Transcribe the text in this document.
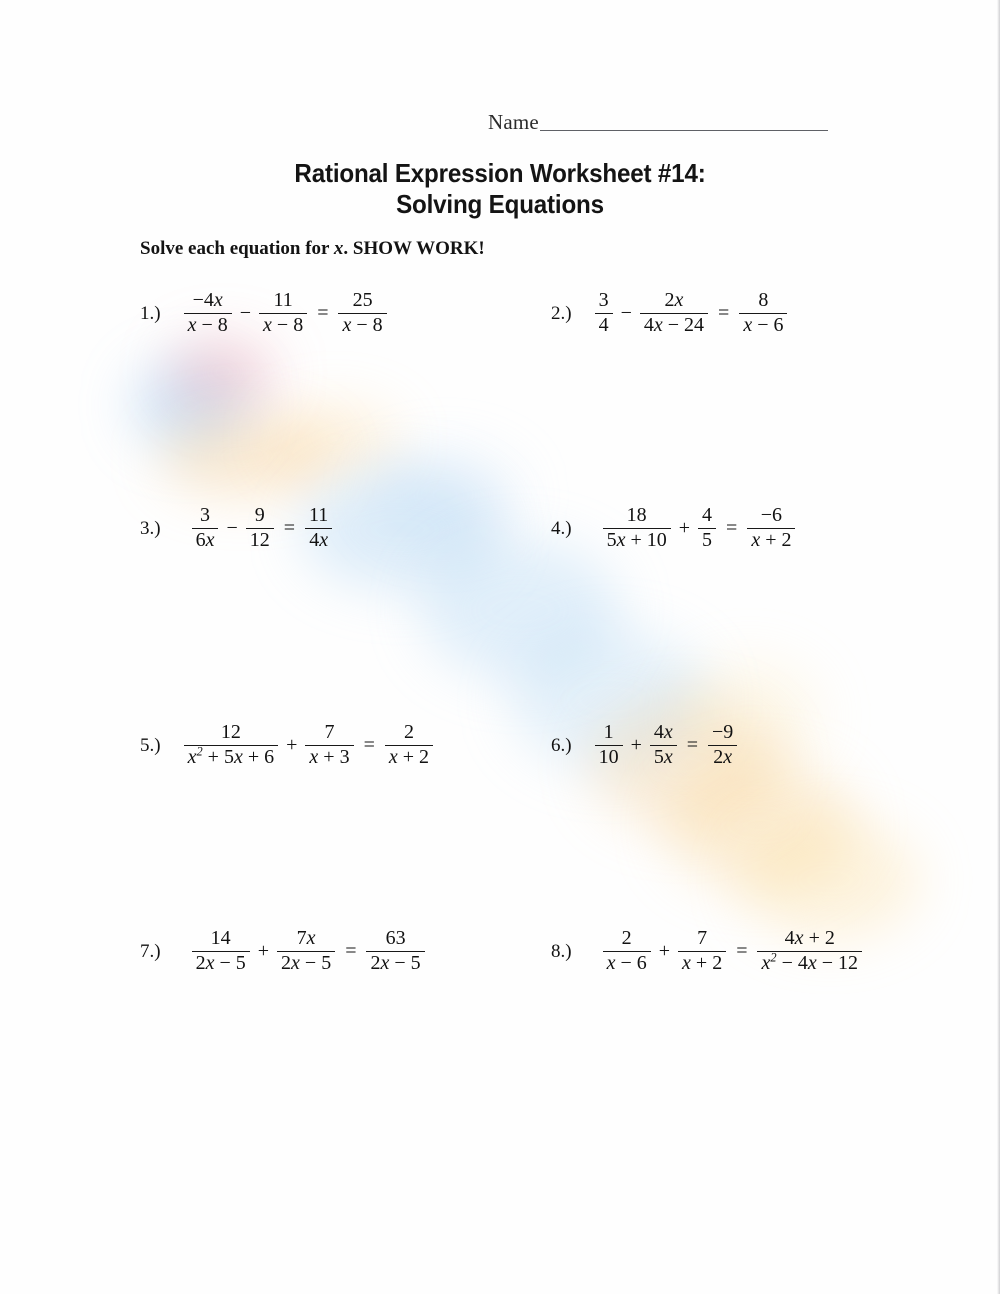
Name
Rational Expression Worksheet #14:
Solving Equations
Solve each equation for x. SHOW WORK!
$1.) \frac{-4x}{x - 8} - \frac{11}{x - 8} = \frac{25}{x - 8}$	$2.) \frac{3}{4} - \frac{2x}{4x - 24} = \frac{8}{x - 6}$
$3.) \frac{3}{6x} - \frac{9}{12} = \frac{11}{4x}$	$4.) \frac{18}{5x + 10} + \frac{4}{5} = \frac{-6}{x + 2}$
$5.) \frac{12}{x^2 + 5x + 6} + \frac{7}{x + 3} = \frac{2}{x + 2}$	$6.) \frac{1}{10} + \frac{4x}{5x} = \frac{-9}{2x}$
$7.) \frac{14}{2x - 5} + \frac{7x}{2x - 5} = \frac{63}{2x - 5}$	$8.) \frac{2}{x - 6} + \frac{7}{x + 2} = \frac{4x + 2}{x^2 - 4x - 12}$
